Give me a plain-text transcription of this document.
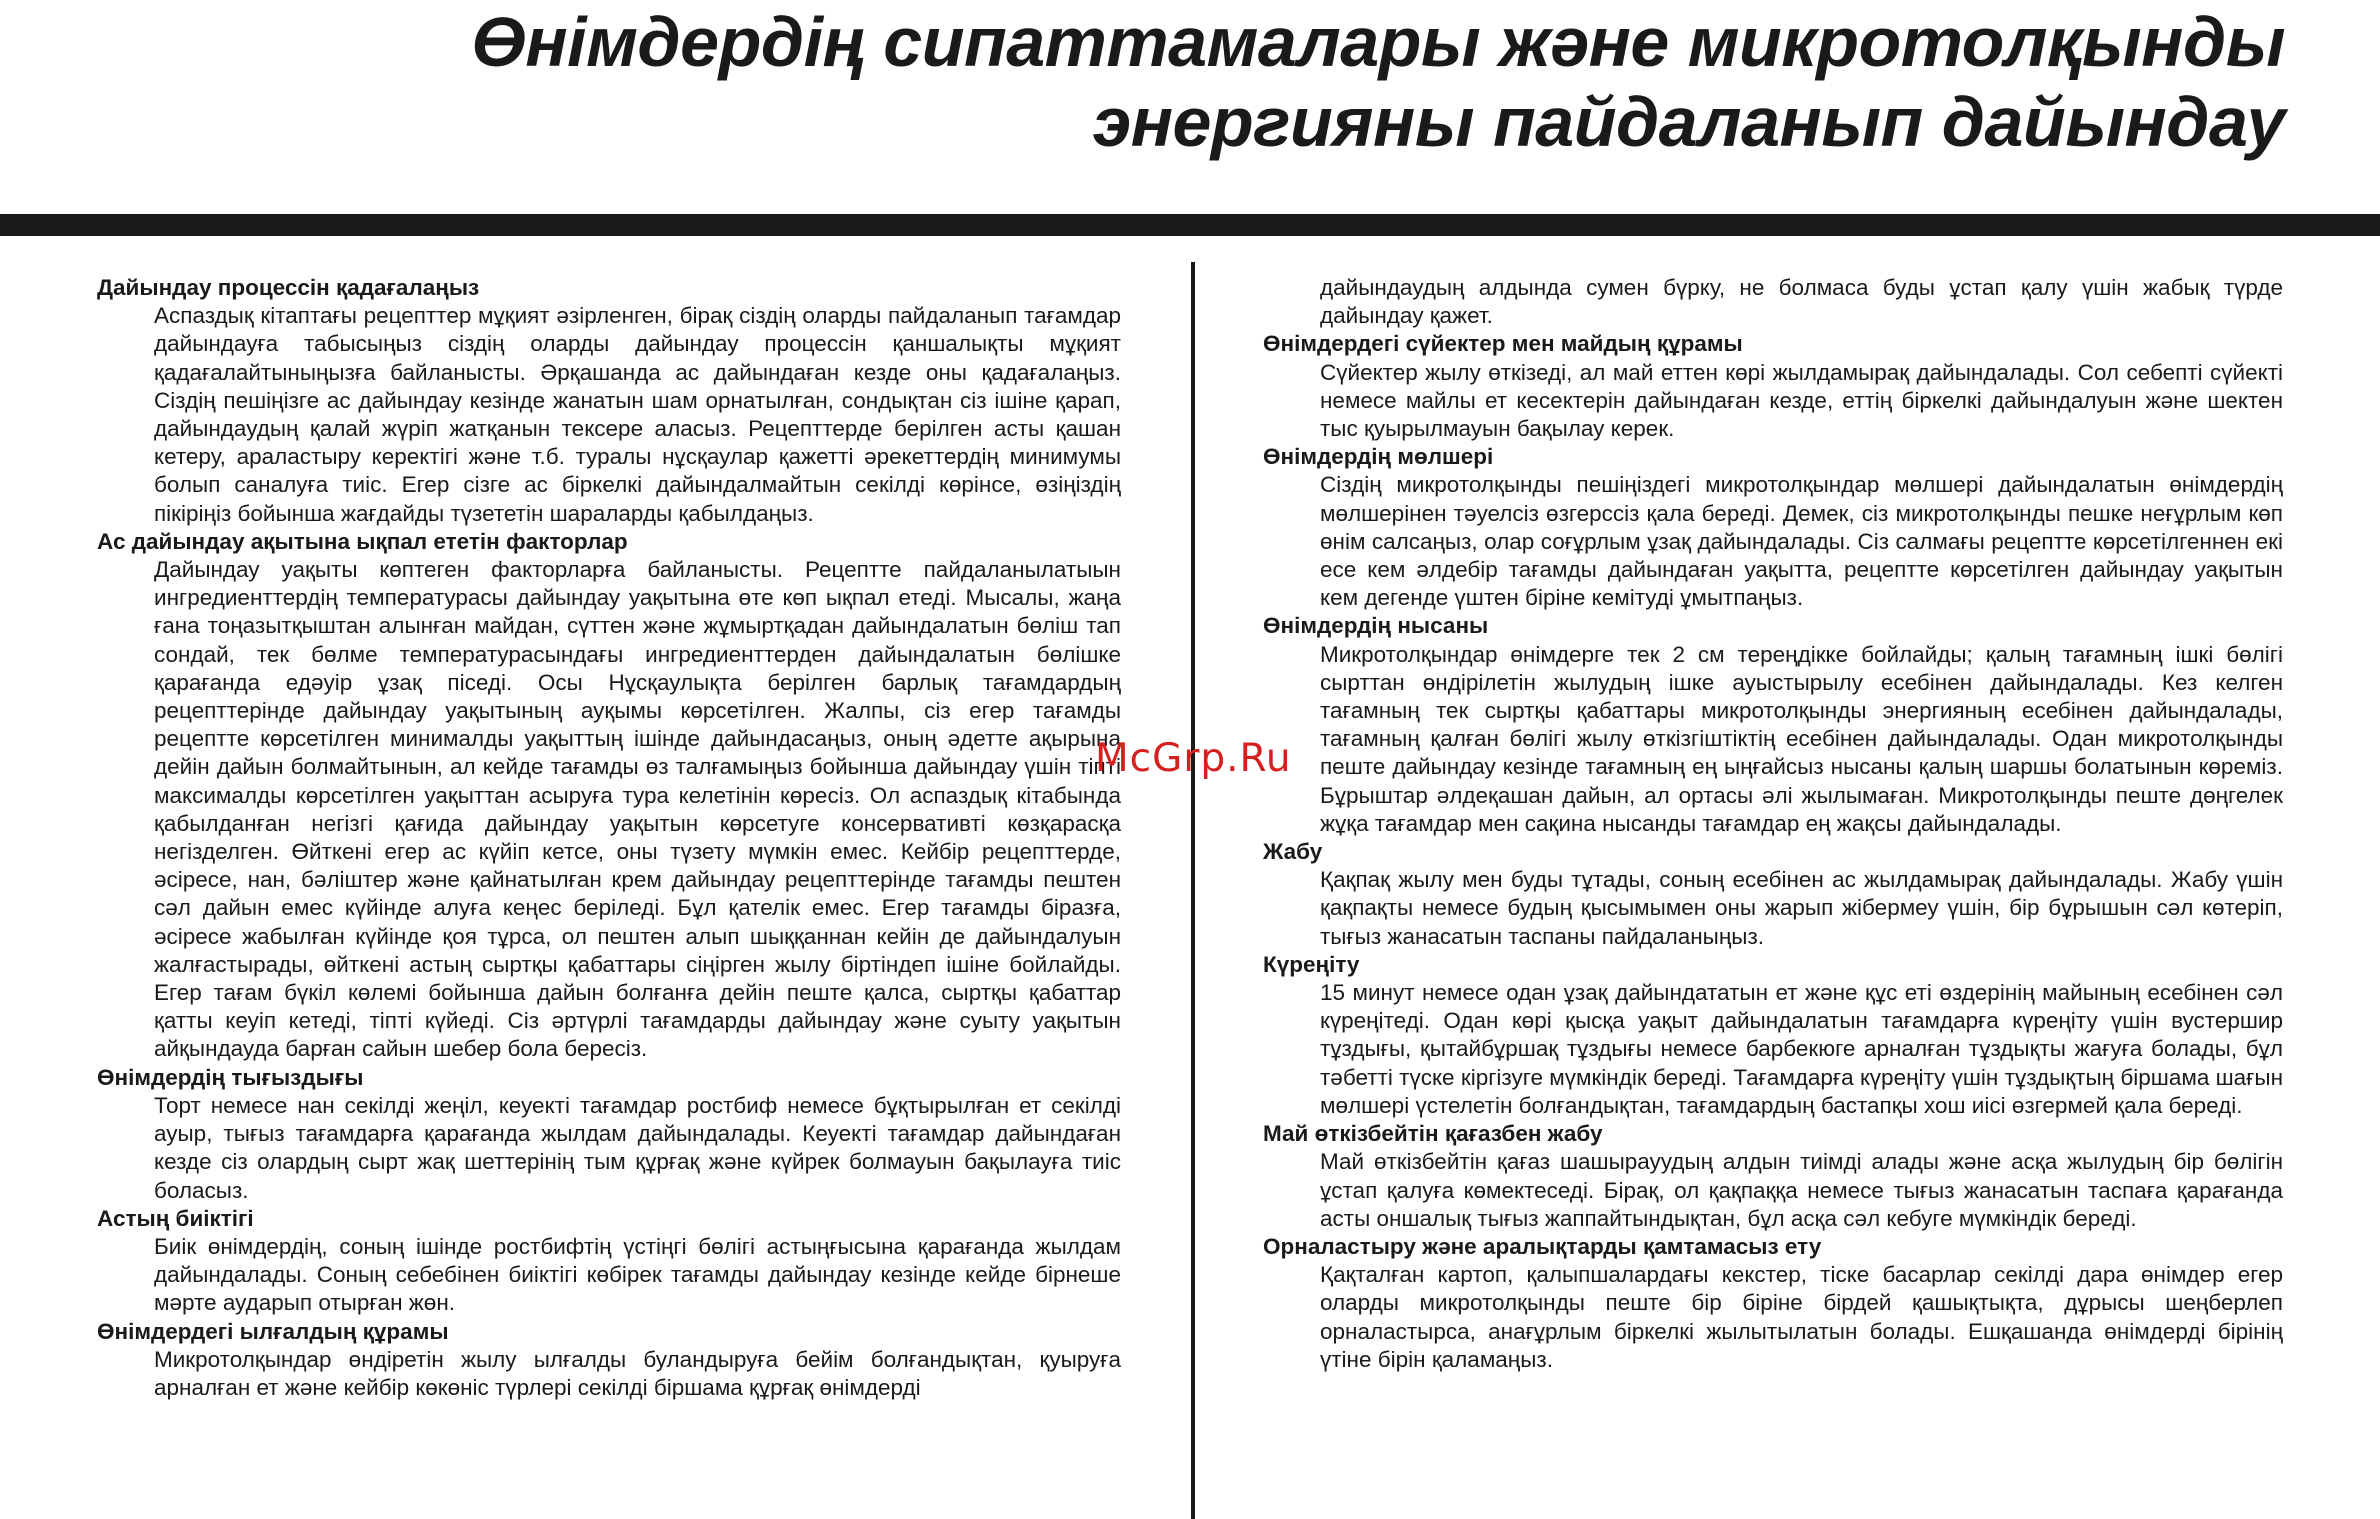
Өнімдердің сипаттамалары және микротолқынды
энергияны пайдаланып дайындау

Дайындау процессін қадағалаңыз

Аспаздық кітаптағы рецепттер мұқият әзірленген, бірақ сіздің оларды пайдаланып тағамдар дайындауға табысыңыз сіздің оларды дайындау процессін қаншалықты мұқият қадағалайтыныңызға байланысты. Әрқашанда ас дайындаған кезде оны қадағалаңыз. Сіздің пешіңізге ас дайындау кезінде жанатын шам орнатылған, сондықтан сіз ішіне қарап, дайындаудың қалай жүріп жатқанын тексере аласыз. Рецепттерде берілген асты қашан кетеру, араластыру керектігі және т.б. туралы нұсқаулар қажетті әрекеттердің минимумы болып саналуға тиіс. Егер сізге ас біркелкі дайындалмайтын секілді көрінсе, өзіңіздің пікіріңіз бойынша жағдайды түзететін шараларды қабылдаңыз.

Ас дайындау ақытына ықпал ететін факторлар

Дайындау уақыты көптеген факторларға байланысты. Рецептте пайдаланылатыын ингредиенттердің температурасы дайындау уақытына өте көп ықпал етеді. Мысалы, жаңа ғана тоңазытқыштан алынған майдан, сүттен және жұмыртқадан дайындалатын бөліш тап сондай, тек бөлме температурасындағы ингредиенттерден дайындалатын бөлішке қарағанда едәуір ұзақ піседі. Осы Нұсқаулықта берілген барлық тағамдардың рецепттерінде дайындау уақытының ауқымы көрсетілген. Жалпы, сіз егер тағамды рецептте көрсетілген минималды уақыттың ішінде дайындасаңыз, оның әдетте ақырына дейін дайын болмайтынын, ал кейде тағамды өз талғамыңыз бойынша дайындау үшін тіпті максималды көрсетілген уақыттан асыруға тура келетінін көресіз. Ол аспаздық кітабында қабылданған негізгі қағида дайындау уақытын көрсетуге консервативті көзқарасқа негізделген. Өйткені егер ас күйіп кетсе, оны түзету мүмкін емес. Кейбір рецепттерде, әсіресе, нан, бәліштер және қайнатылған крем дайындау рецепттерінде тағамды пештен сәл дайын емес күйінде алуға кеңес беріледі. Бұл қателік емес. Егер тағамды біразға, әсіресе жабылған күйінде қоя тұрса, ол пештен алып шыққаннан кейін де дайындалуын жалғастырады, өйткені астың сыртқы қабаттары сіңірген жылу біртіндеп ішіне бойлайды. Егер тағам бүкіл көлемі бойынша дайын болғанға дейін пеште қалса, сыртқы қабаттар қатты кеуіп кетеді, тіпті күйеді. Сіз әртүрлі тағамдарды дайындау және суыту уақытын айқындауда барған сайын шебер бола бересіз.

Өнімдердің тығыздығы

Торт немесе нан секілді жеңіл, кеуекті тағамдар ростбиф немесе бұқтырылған ет секілді ауыр, тығыз тағамдарға қарағанда жылдам дайындалады. Кеуекті тағамдар дайындаған кезде сіз олардың сырт жақ шеттерінің тым құрғақ және күйрек болмауын бақылауға тиіс боласыз.

Астың биіктігі

Биік өнімдердің, соның ішінде ростбифтің үстіңгі бөлігі астыңғысына қарағанда жылдам дайындалады. Соның себебінен биіктігі көбірек тағамды дайындау кезінде кейде бірнеше мәрте аударып отырған жөн.

Өнімдердегі ылғалдың құрамы

Микротолқындар өндіретін жылу ылғалды буландыруға бейім болғандықтан, қуыруға арналған ет және кейбір көкөніс түрлері секілді біршама құрғақ өнімдерді

дайындаудың алдында сумен бүрку, не болмаса буды ұстап қалу үшін жабық түрде дайындау қажет.

Өнімдердегі сүйектер мен майдың құрамы

Сүйектер жылу өткізеді, ал май еттен көрі жылдамырақ дайындалады. Сол себепті сүйекті немесе майлы ет кесектерін дайындаған кезде, еттің біркелкі дайындалуын және шектен тыс қуырылмауын бақылау керек.

Өнімдердің мөлшері

Сіздің микротолқынды пешіңіздегі микротолқындар мөлшері дайындалатын өнімдердің мөлшерінен тәуелсіз өзгерссіз қала береді. Демек, сіз микротолқынды пешке неғұрлым көп өнім салсаңыз, олар соғұрлым ұзақ дайындалады. Сіз салмағы рецептте көрсетілгеннен екі есе кем әлдебір тағамды дайындаған уақытта, рецептте көрсетілген дайындау уақытын кем дегенде үштен біріне кемітуді ұмытпаңыз.

Өнімдердің нысаны

Микротолқындар өнімдерге тек 2 см тереңдікке бойлайды; қалың тағамның ішкі бөлігі сырттан өндірілетін жылудың ішке ауыстырылу есебінен дайындалады. Кез келген тағамның тек сыртқы қабаттары микротолқынды энергияның есебінен дайындалады, тағамның қалған бөлігі жылу өткізгіштіктің есебінен дайындалады. Одан микротолқынды пеште дайындау кезінде тағамның ең ыңғайсыз нысаны қалың шаршы болатынын көреміз. Бұрыштар әлдеқашан дайын, ал ортасы әлі жылымаған. Микротолқынды пеште дөңгелек жұқа тағамдар мен сақина нысанды тағамдар ең жақсы дайындалады.

Жабу

Қақпақ жылу мен буды тұтады, соның есебінен ас жылдамырақ дайындалады. Жабу үшін қақпақты немесе будың қысымымен оны жарып жібермеу үшін, бір бұрышын сәл көтеріп, тығыз жанасатын таспаны пайдаланыңыз.

Күреңіту

15 минут немесе одан ұзақ дайындататын ет және құс еті өздерінің майының есебінен сәл күреңітеді. Одан көрі қысқа уақыт дайындалатын тағамдарға күреңіту үшін вустершир тұздығы, қытайбұршақ тұздығы немесе барбекюге арналған тұздықты жағуға болады, бұл тәбетті түске кіргізуге мүмкіндік береді. Тағамдарға күреңіту үшін тұздықтың біршама шағын мөлшері үстелетін болғандықтан, тағамдардың бастапқы хош иісі өзгермей қала береді.

Май өткізбейтін қағазбен жабу

Май өткізбейтін қағаз шашырауудың алдын тиімді алады және асқа жылудың бір бөлігін ұстап қалуға көмектеседі. Бірақ, ол қақпаққа немесе тығыз жанасатын таспаға қарағанда асты оншалық тығыз жаппайтындықтан, бұл асқа сәл кебуге мүмкіндік береді.

Орналастыру және аралықтарды қамтамасыз ету

Қақталған картоп, қалыпшалардағы кекстер, тіске басарлар секілді дара өнімдер егер оларды микротолқынды пеште бір біріне бірдей қашықтықта, дұрысы шеңберлеп орналастырса, анағұрлым біркелкі жылытылатын болады. Ешқашанда өнімдерді бірінің үтіне бірін қаламаңыз.

McGrp.Ru
